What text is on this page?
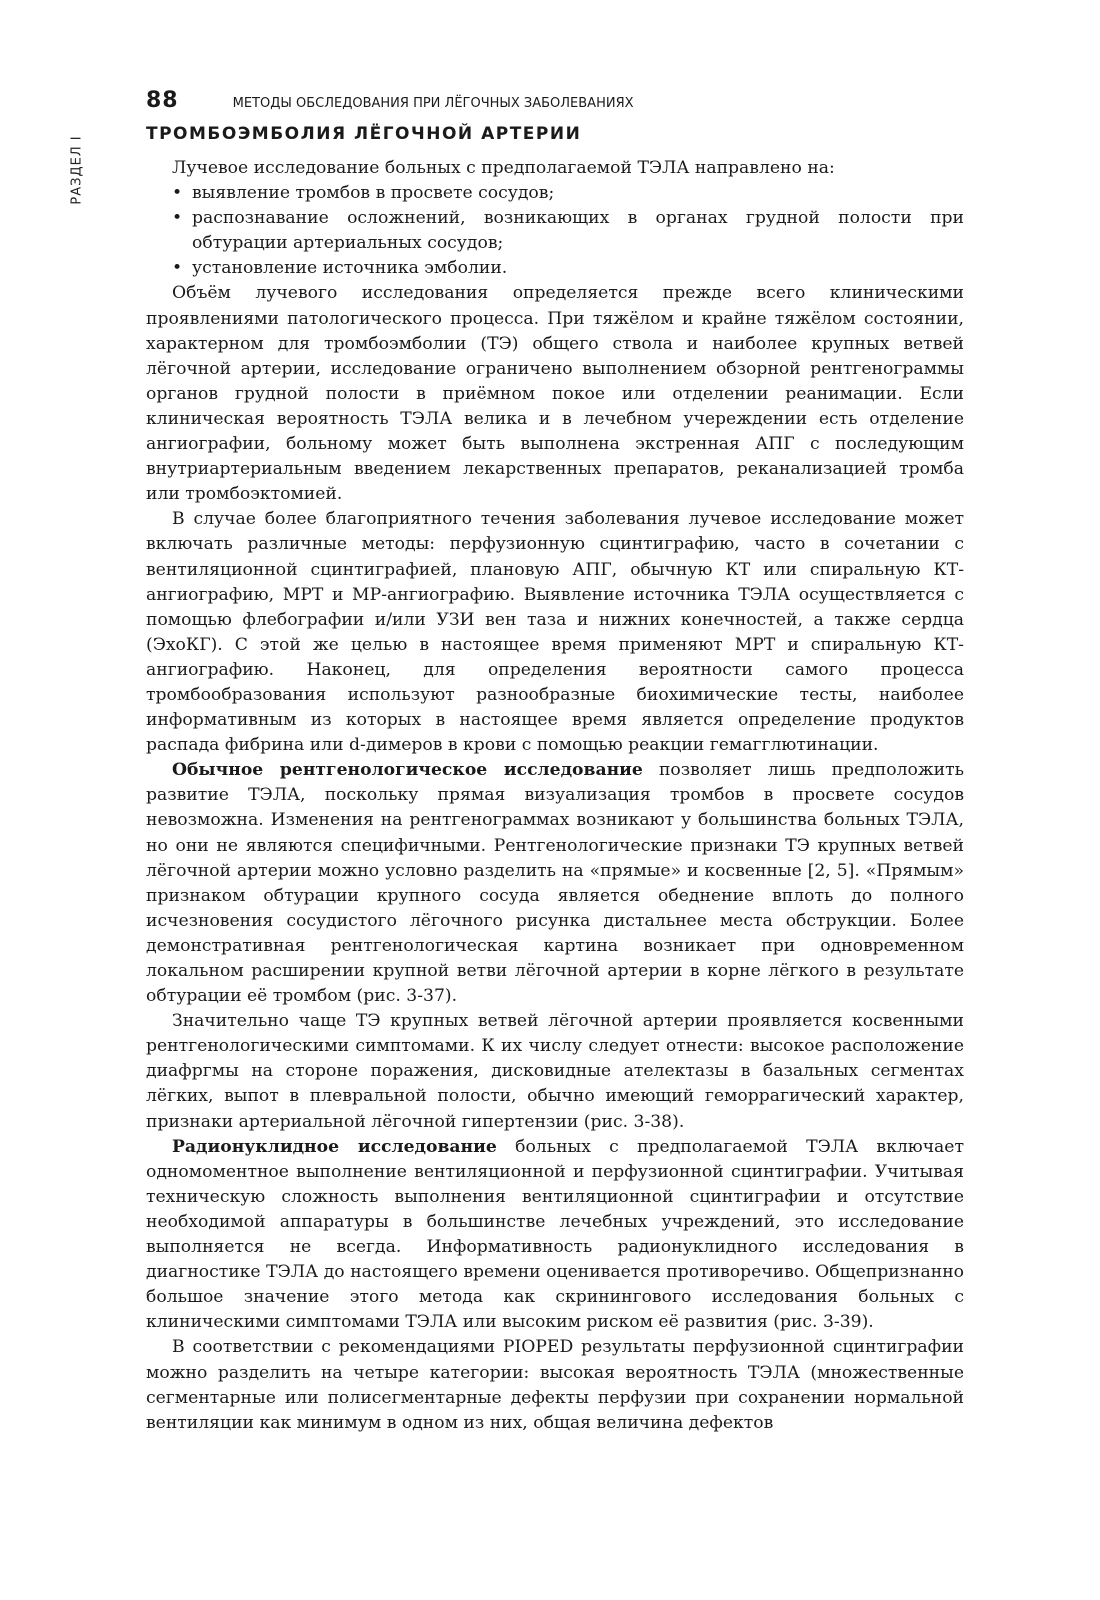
РАЗДЕЛ I
88	МЕТОДЫ ОБСЛЕДОВАНИЯ ПРИ ЛЁГОЧНЫХ ЗАБОЛЕВАНИЯХ
ТРОМБОЭМБОЛИЯ ЛЁГОЧНОЙ АРТЕРИИ

Лучевое исследование больных с предполагаемой ТЭЛА направлено на:

• выявление тромбов в просвете сосудов;
• распознавание осложнений, возникающих в органах грудной полости при обтурации артериальных сосудов;
• установление источника эмболии.

Объём лучевого исследования определяется прежде всего клиническими проявлениями патологического процесса. При тяжёлом и крайне тяжёлом состоянии, характерном для тромбоэмболии (ТЭ) общего ствола и наиболее крупных ветвей лёгочной артерии, исследование ограничено выполнением обзорной рентгенограммы органов грудной полости в приёмном покое или отделении реанимации. Если клиническая вероятность ТЭЛА велика и в лечебном учереждении есть отделение ангиографии, больному может быть выполнена экстренная АПГ с последующим внутриартериальным введением лекарственных препаратов, реканализацией тромба или тромбоэктомией.

В случае более благоприятного течения заболевания лучевое исследование может включать различные методы: перфузионную сцинтиграфию, часто в сочетании с вентиляционной сцинтиграфией, плановую АПГ, обычную КТ или спиральную КТ-ангиографию, МРТ и МР-ангиографию. Выявление источника ТЭЛА осуществляется с помощью флебографии и/или УЗИ вен таза и нижних конечностей, а также сердца (ЭхоКГ). С этой же целью в настоящее время применяют МРТ и спиральную КТ-ангиографию. Наконец, для определения вероятности самого процесса тромбообразования используют разнообразные биохимические тесты, наиболее информативным из которых в настоящее время является определение продуктов распада фибрина или d-димеров в крови с помощью реакции гемагглютинации.

Обычное рентгенологическое исследование позволяет лишь предположить развитие ТЭЛА, поскольку прямая визуализация тромбов в просвете сосудов невозможна. Изменения на рентгенограммах возникают у большинства больных ТЭЛА, но они не являются специфичными. Рентгенологические признаки ТЭ крупных ветвей лёгочной артерии можно условно разделить на «прямые» и косвенные [2, 5]. «Прямым» признаком обтурации крупного сосуда является обеднение вплоть до полного исчезновения сосудистого лёгочного рисунка дистальнее места обструкции. Более демонстративная рентгенологическая картина возникает при одновременном локальном расширении крупной ветви лёгочной артерии в корне лёгкого в результате обтурации её тромбом (рис. 3-37).

Значительно чаще ТЭ крупных ветвей лёгочной артерии проявляется косвенными рентгенологическими симптомами. К их числу следует отнести: высокое расположение диафргмы на стороне поражения, дисковидные ателектазы в базальных сегментах лёгких, выпот в плевральной полости, обычно имеющий геморрагический характер, признаки артериальной лёгочной гипертензии (рис. 3-38).

Радионуклидное исследование больных с предполагаемой ТЭЛА включает одномоментное выполнение вентиляционной и перфузионной сцинтиграфии. Учитывая техническую сложность выполнения вентиляционной сцинтиграфии и отсутствие необходимой аппаратуры в большинстве лечебных учреждений, это исследование выполняется не всегда. Информативность радионуклидного исследования в диагностике ТЭЛА до настоящего времени оценивается противоречиво. Общепризнанно большое значение этого метода как скринингового исследования больных с клиническими симптомами ТЭЛА или высоким риском её развития (рис. 3-39).

В соответствии с рекомендациями PIOPED результаты перфузионной сцинтиграфии можно разделить на четыре категории: высокая вероятность ТЭЛА (множественные сегментарные или полисегментарные дефекты перфузии при сохранении нормальной вентиляции как минимум в одном из них, общая величина дефектов
